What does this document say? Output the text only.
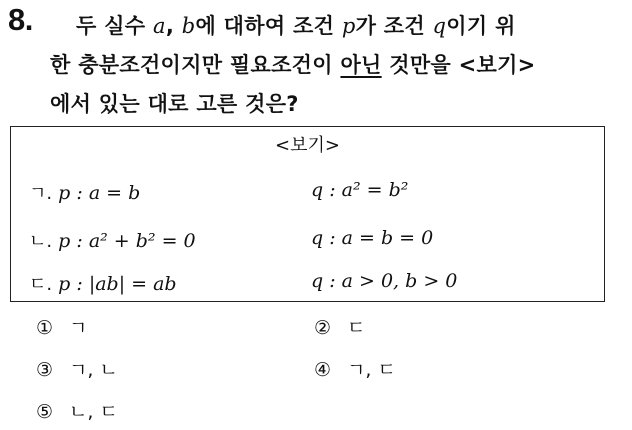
8. 두 실수 a, b에 대하여 조건 p가 조건 q이기 위
한 충분조건이지만 필요조건이 아닌 것만을 <보기>
에서 있는 대로 고른 것은?
<보기>
ㄱ. p : a = b	q : a² = b²
ㄴ. p : a² + b² = 0	q : a = b = 0
ㄷ. p : |ab| = ab	q : a > 0, b > 0
① ㄱ	② ㄷ
③ ㄱ, ㄴ	④ ㄱ, ㄷ
⑤ ㄴ, ㄷ
